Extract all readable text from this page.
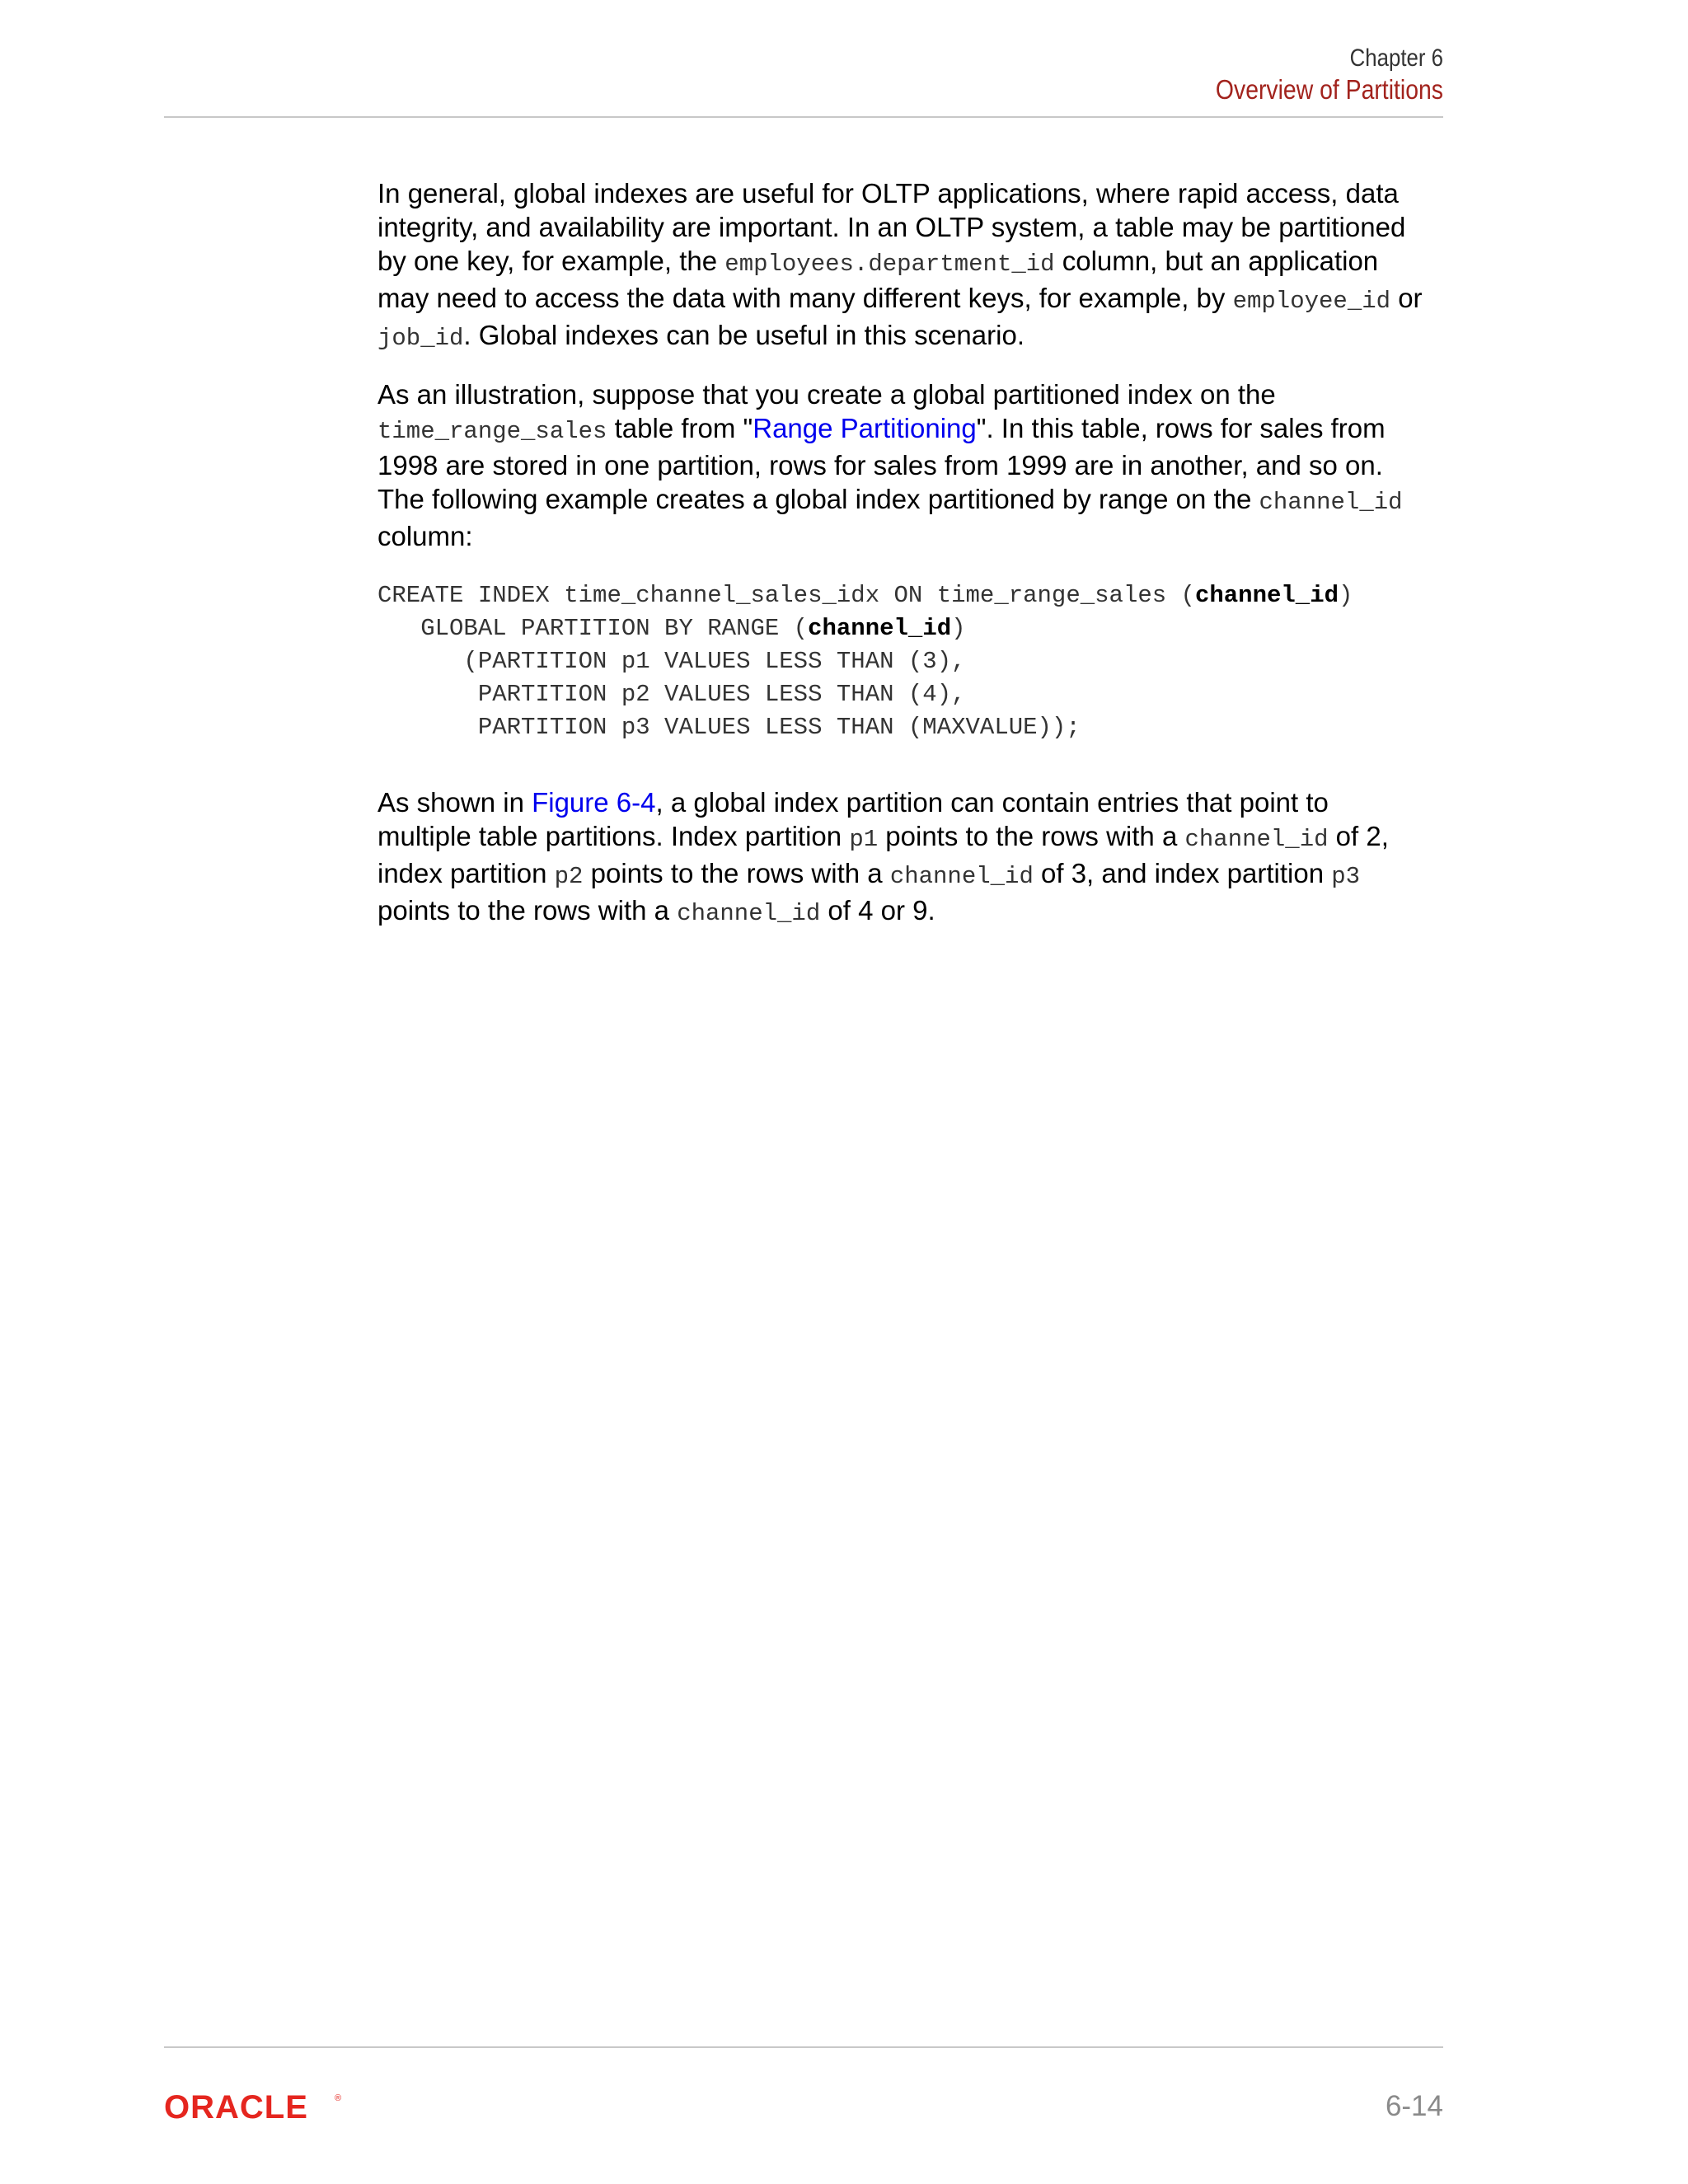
Chapter 6
Overview of Partitions

In general, global indexes are useful for OLTP applications, where rapid access, data
integrity, and availability are important. In an OLTP system, a table may be partitioned
by one key, for example, the employees.department_id column, but an application
may need to access the data with many different keys, for example, by employee_id or
job_id. Global indexes can be useful in this scenario.

As an illustration, suppose that you create a global partitioned index on the
time_range_sales table from "Range Partitioning". In this table, rows for sales from
1998 are stored in one partition, rows for sales from 1999 are in another, and so on.
The following example creates a global index partitioned by range on the channel_id
column:

CREATE INDEX time_channel_sales_idx ON time_range_sales (channel_id)
GLOBAL PARTITION BY RANGE (channel_id)
(PARTITION p1 VALUES LESS THAN (3),
PARTITION p2 VALUES LESS THAN (4),
PARTITION p3 VALUES LESS THAN (MAXVALUE));

As shown in Figure 6-4, a global index partition can contain entries that point to
multiple table partitions. Index partition p1 points to the rows with a channel_id of 2,
index partition p2 points to the rows with a channel_id of 3, and index partition p3
points to the rows with a channel_id of 4 or 9.

ORACLE	®	6-14
